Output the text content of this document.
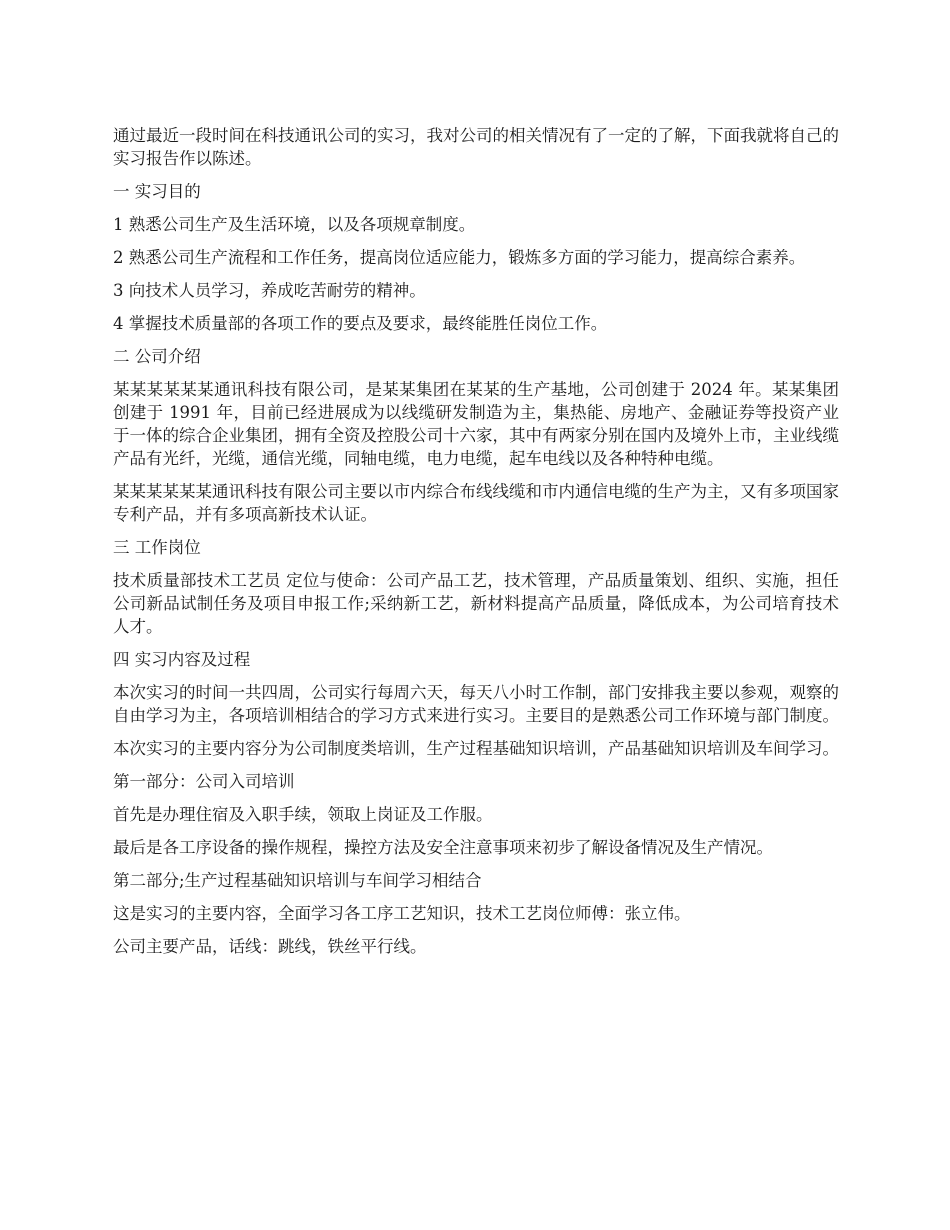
通过最近一段时间在科技通讯公司的实习，我对公司的相关情况有了一定的了解，下面我就将自己的实习报告作以陈述。

一 实习目的

1 熟悉公司生产及生活环境，以及各项规章制度。

2 熟悉公司生产流程和工作任务，提高岗位适应能力，锻炼多方面的学习能力，提高综合素养。

3 向技术人员学习，养成吃苦耐劳的精神。

4 掌握技术质量部的各项工作的要点及要求，最终能胜任岗位工作。

二 公司介绍

某某某某某某通讯科技有限公司，是某某集团在某某的生产基地，公司创建于 2024 年。某某集团创建于 1991 年，目前已经进展成为以线缆研发制造为主，集热能、房地产、金融证券等投资产业于一体的综合企业集团，拥有全资及控股公司十六家，其中有两家分别在国内及境外上市，主业线缆产品有光纤，光缆，通信光缆，同轴电缆，电力电缆，起车电线以及各种特种电缆。

某某某某某某通讯科技有限公司主要以市内综合布线线缆和市内通信电缆的生产为主，又有多项国家专利产品，并有多项高新技术认证。

三 工作岗位

技术质量部技术工艺员 定位与使命：公司产品工艺，技术管理，产品质量策划、组织、实施，担任公司新品试制任务及项目申报工作;采纳新工艺，新材料提高产品质量，降低成本，为公司培育技术人才。

四 实习内容及过程

本次实习的时间一共四周，公司实行每周六天，每天八小时工作制，部门安排我主要以参观，观察的自由学习为主，各项培训相结合的学习方式来进行实习。主要目的是熟悉公司工作环境与部门制度。

本次实习的主要内容分为公司制度类培训，生产过程基础知识培训，产品基础知识培训及车间学习。

第一部分：公司入司培训

首先是办理住宿及入职手续，领取上岗证及工作服。

最后是各工序设备的操作规程，操控方法及安全注意事项来初步了解设备情况及生产情况。

第二部分;生产过程基础知识培训与车间学习相结合

这是实习的主要内容，全面学习各工序工艺知识，技术工艺岗位师傅：张立伟。

公司主要产品，话线：跳线，铁丝平行线。
